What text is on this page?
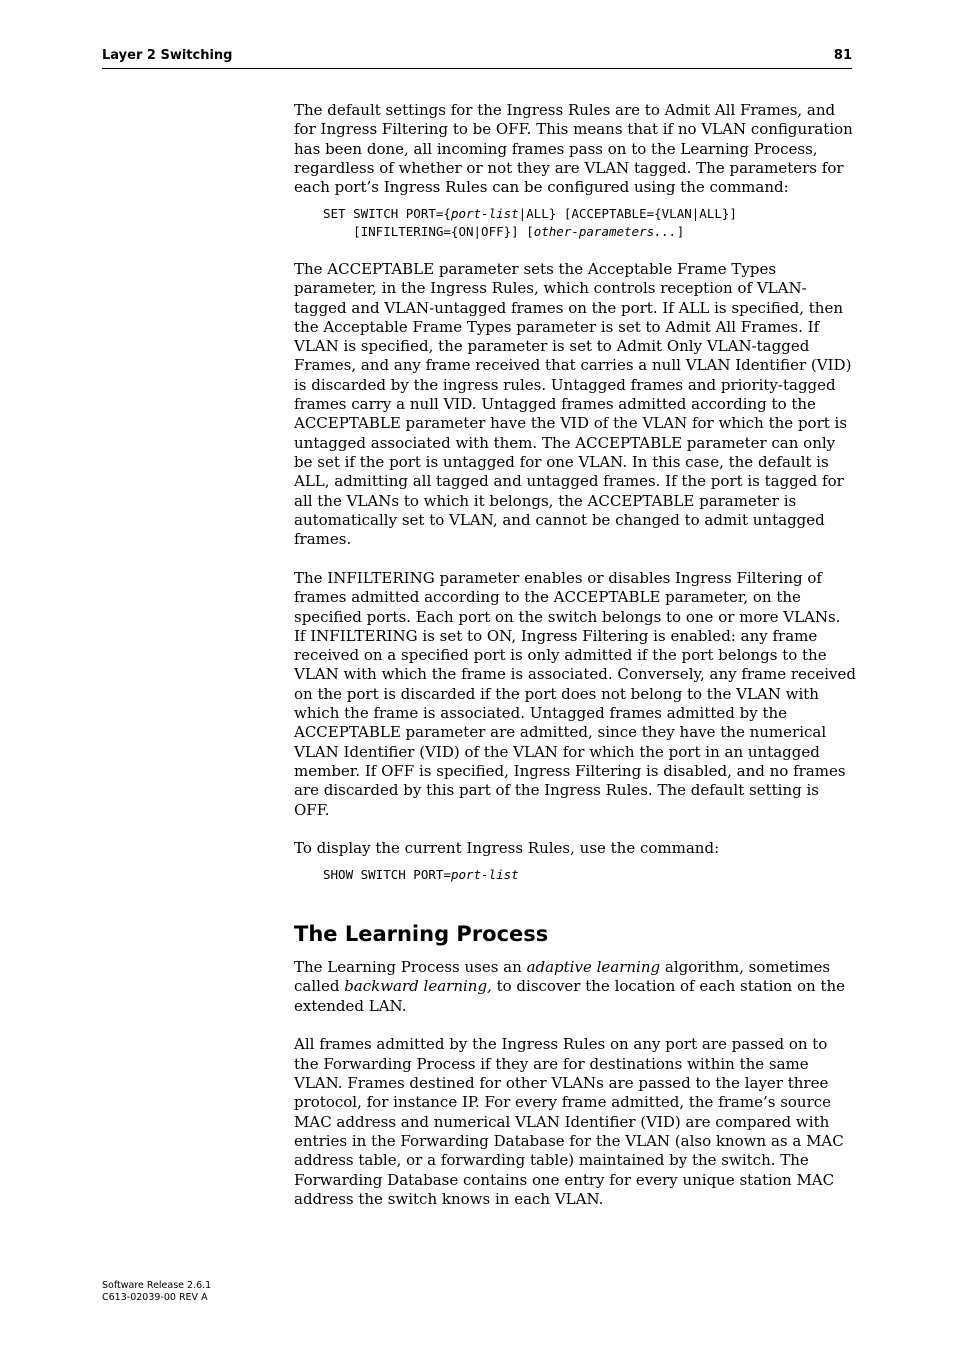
Layer 2 Switching	81

The default settings for the Ingress Rules are to Admit All Frames, and for Ingress Filtering to be OFF. This means that if no VLAN configuration has been done, all incoming frames pass on to the Learning Process, regardless of whether or not they are VLAN tagged. The parameters for each port’s Ingress Rules can be configured using the command:

SET SWITCH PORT={port-list|ALL} [ACCEPTABLE={VLAN|ALL}]
[INFILTERING={ON|OFF}] [other-parameters...]

The ACCEPTABLE parameter sets the Acceptable Frame Types parameter, in the Ingress Rules, which controls reception of VLAN-tagged and VLAN-untagged frames on the port. If ALL is specified, then the Acceptable Frame Types parameter is set to Admit All Frames. If VLAN is specified, the parameter is set to Admit Only VLAN-tagged Frames, and any frame received that carries a null VLAN Identifier (VID) is discarded by the ingress rules. Untagged frames and priority-tagged frames carry a null VID. Untagged frames admitted according to the ACCEPTABLE parameter have the VID of the VLAN for which the port is untagged associated with them. The ACCEPTABLE parameter can only be set if the port is untagged for one VLAN. In this case, the default is ALL, admitting all tagged and untagged frames. If the port is tagged for all the VLANs to which it belongs, the ACCEPTABLE parameter is automatically set to VLAN, and cannot be changed to admit untagged frames.

The INFILTERING parameter enables or disables Ingress Filtering of frames admitted according to the ACCEPTABLE parameter, on the specified ports. Each port on the switch belongs to one or more VLANs. If INFILTERING is set to ON, Ingress Filtering is enabled: any frame received on a specified port is only admitted if the port belongs to the VLAN with which the frame is associated. Conversely, any frame received on the port is discarded if the port does not belong to the VLAN with which the frame is associated. Untagged frames admitted by the ACCEPTABLE parameter are admitted, since they have the numerical VLAN Identifier (VID) of the VLAN for which the port in an untagged member. If OFF is specified, Ingress Filtering is disabled, and no frames are discarded by this part of the Ingress Rules. The default setting is OFF.

To display the current Ingress Rules, use the command:

SHOW SWITCH PORT=port-list
The Learning Process

The Learning Process uses an adaptive learning algorithm, sometimes called backward learning, to discover the location of each station on the extended LAN.

All frames admitted by the Ingress Rules on any port are passed on to the Forwarding Process if they are for destinations within the same VLAN. Frames destined for other VLANs are passed to the layer three protocol, for instance IP. For every frame admitted, the frame’s source MAC address and numerical VLAN Identifier (VID) are compared with entries in the Forwarding Database for the VLAN (also known as a MAC address table, or a forwarding table) maintained by the switch. The Forwarding Database contains one entry for every unique station MAC address the switch knows in each VLAN.

Software Release 2.6.1
C613-02039-00 REV A
